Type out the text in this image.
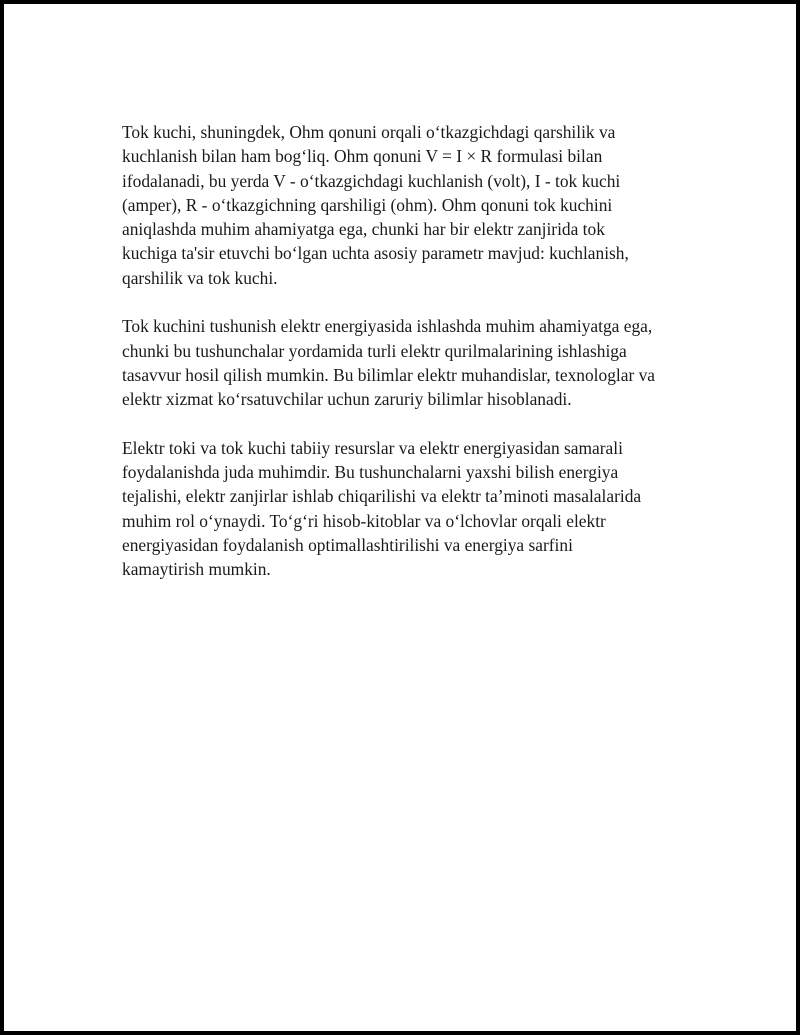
Tok kuchi, shuningdek, Ohm qonuni orqali o‘tkazgichdagi qarshilik va
kuchlanish bilan ham bog‘liq. Ohm qonuni V = I × R formulasi bilan
ifodalanadi, bu yerda V - o‘tkazgichdagi kuchlanish (volt), I - tok kuchi
(amper), R - o‘tkazgichning qarshiligi (ohm). Ohm qonuni tok kuchini
aniqlashda muhim ahamiyatga ega, chunki har bir elektr zanjirida tok
kuchiga ta'sir etuvchi bo‘lgan uchta asosiy parametr mavjud: kuchlanish,
qarshilik va tok kuchi.

Tok kuchini tushunish elektr energiyasida ishlashda muhim ahamiyatga ega,
chunki bu tushunchalar yordamida turli elektr qurilmalarining ishlashiga
tasavvur hosil qilish mumkin. Bu bilimlar elektr muhandislar, texnologlar va
elektr xizmat ko‘rsatuvchilar uchun zaruriy bilimlar hisoblanadi.

Elektr toki va tok kuchi tabiiy resurslar va elektr energiyasidan samarali
foydalanishda juda muhimdir. Bu tushunchalarni yaxshi bilish energiya
tejalishi, elektr zanjirlar ishlab chiqarilishi va elektr ta’minoti masalalarida
muhim rol o‘ynaydi. To‘g‘ri hisob-kitoblar va o‘lchovlar orqali elektr
energiyasidan foydalanish optimallashtirilishi va energiya sarfini
kamaytirish mumkin.
